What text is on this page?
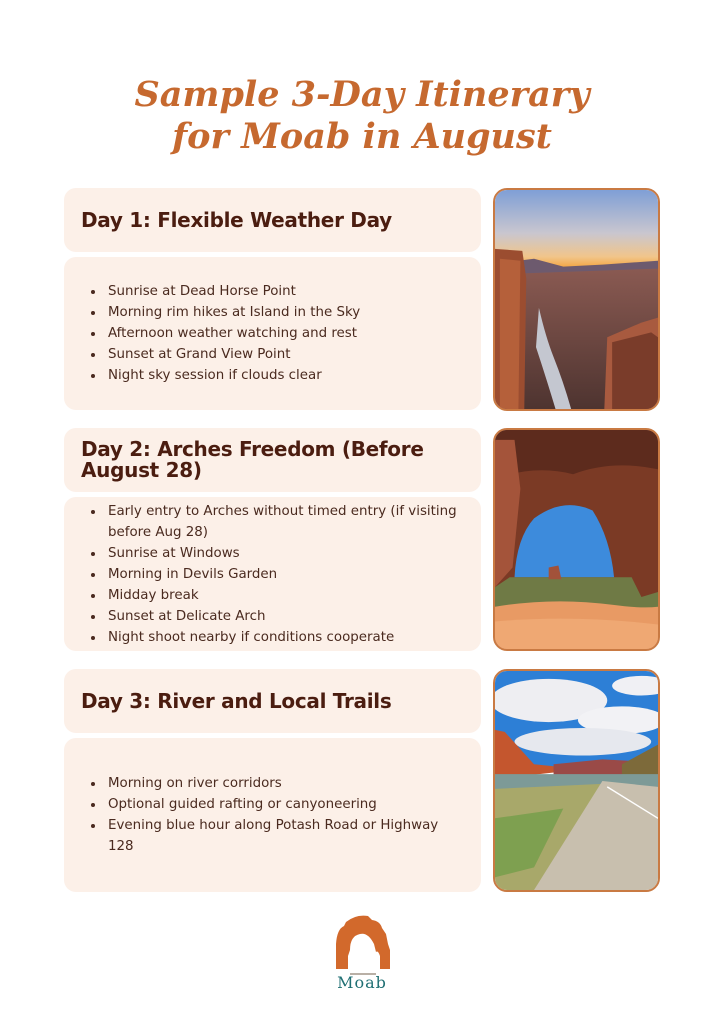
Sample 3-Day Itinerary
for Moab in August
Day 1: Flexible Weather Day
Sunrise at Dead Horse Point
Morning rim hikes at Island in the Sky
Afternoon weather watching and rest
Sunset at Grand View Point
Night sky session if clouds clear
Day 2: Arches Freedom (Before August 28)
Early entry to Arches without timed entry (if visiting before Aug 28)
Sunrise at Windows
Morning in Devils Garden
Midday break
Sunset at Delicate Arch
Night shoot nearby if conditions cooperate
Day 3: River and Local Trails
Morning on river corridors
Optional guided rafting or canyoneering
Evening blue hour along Potash Road or Highway 128
Moab
